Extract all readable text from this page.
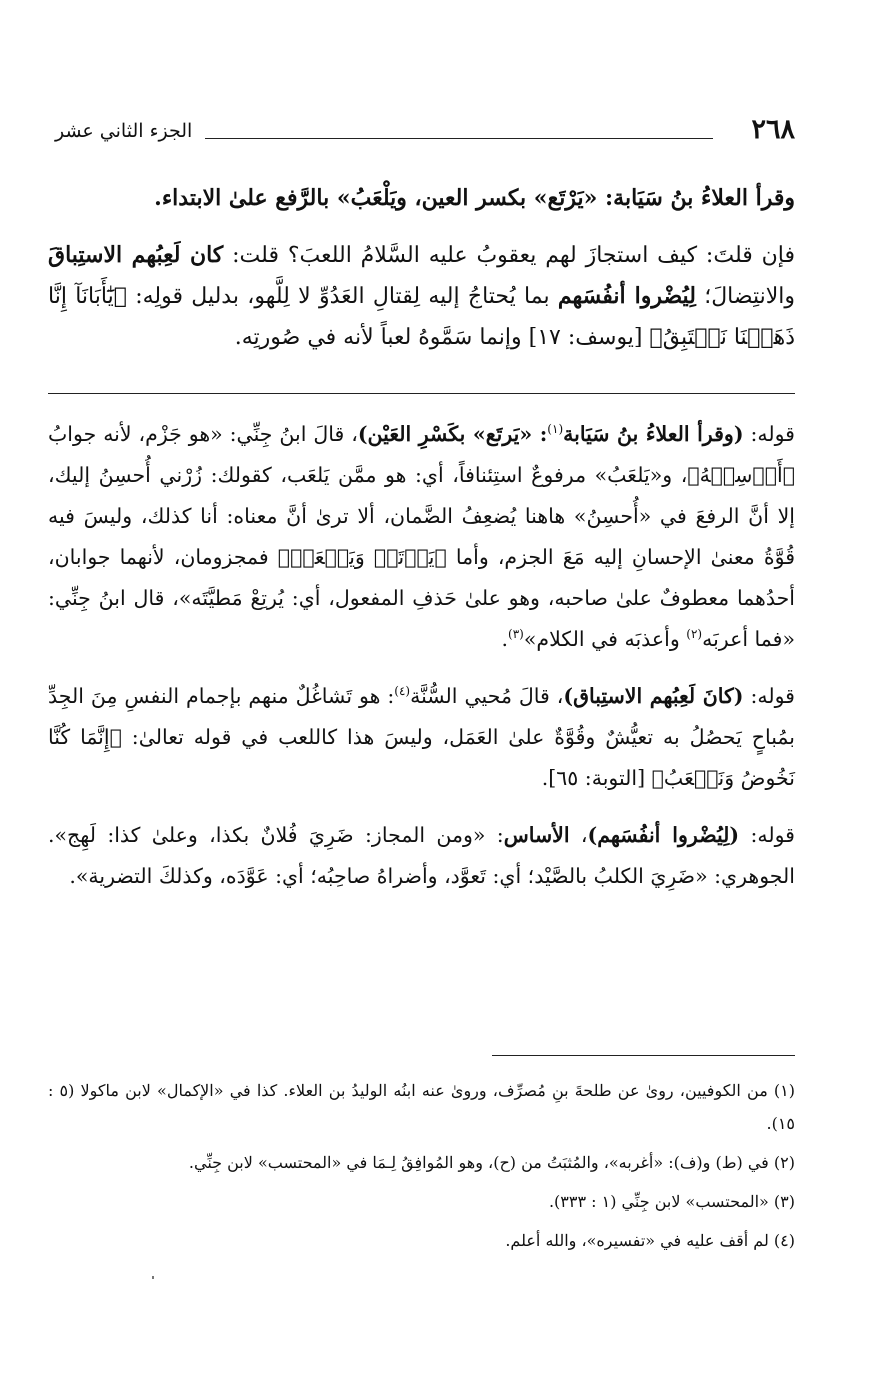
٢٦٨
الجزء الثاني عشر

وقرأ العلاءُ بنُ سَيَابة: «يَرْتَع» بكسر العين، ويَلْعَبُ» بالرَّفع علىٰ الابتداء.

فإن قلتَ: كيف استجازَ لهم يعقوبُ عليه السَّلامُ اللعبَ؟ قلت: كان لَعِبُهم الاستِباقَ والانتِضالَ؛ لِيُضْروا أنفُسَهم بما يُحتاجُ إليه لِقتالِ العَدُوِّ لا لِلَّهو، بدليل قولِه: ﴿يَٰٓأَبَانَآ إِنَّا ذَهَبۡنَا نَسۡتَبِقُ﴾ [يوسف: ١٧] وإنما سَمَّوهُ لعباً لأنه في صُورتِه.

قوله: (وقرأ العلاءُ بنُ سَيَابة$^{(١)}$: «يَرتَع» بكَسْرِ العَيْن)، قالَ ابنُ جِنِّي: «هو جَزْم، لأنه جوابُ ﴿أَرۡسِلۡهُ﴾، و«يَلعَبُ» مرفوعٌ استِئنافاً، أي: هو ممَّن يَلعَب، كقولك: زُرْني أُحسِنُ إليك، إلا أنَّ الرفعَ في «أُحسِنُ» هاهنا يُضعِفُ الضَّمان، ألا ترىٰ أنَّ معناه: أنا كذلك، وليسَ فيه قُوَّةُ معنىٰ الإحسانِ إليه مَعَ الجزم، وأما ﴿يَرۡتَعۡ وَيَلۡعَبۡ﴾ فمجزومان، لأنهما جوابان، أحدُهما معطوفٌ علىٰ صاحبه، وهو علىٰ حَذفِ المفعول، أي: يُرتِعْ مَطيَّتَه»، قال ابنُ جِنِّي: «فما أعربَه$^{(٢)}$ وأعذبَه في الكلام»$^{(٣)}$.

قوله: (كانَ لَعِبُهم الاستِباق)، قالَ مُحيي السُّنَّة$^{(٤)}$: هو تَشاغُلٌ منهم بإجمام النفسِ مِنَ الجِدِّ بمُباحٍ يَحصُلُ به تعيُّشٌ وقُوَّةٌ علىٰ العَمَل، وليسَ هذا كاللعب في قوله تعالىٰ: ﴿إِنَّمَا كُنَّا نَخُوضُ وَنَلۡعَبُ﴾ [التوبة: ٦٥].

قوله: (لِيُضْروا أنفُسَهم)، الأساس: «ومن المجاز: ضَرِيَ فُلانٌ بكذا، وعلىٰ كذا: لَهِج». الجوهري: «ضَرِيَ الكلبُ بالصَّيْد؛ أي: تَعوَّد، وأضراهُ صاحِبُه؛ أي: عَوَّدَه، وكذلكَ التضرية».

(١) من الكوفيين، روىٰ عن طلحةَ بنِ مُصرِّف، ورویٰ عنه ابنُه الوليدُ بن العلاء. كذا في «الإكمال» لابن ماكولا (٥ : ١٥).

(٢) في (ط) و(ف): «أغربه»، والمُثبَتُ من (ح)، وهو المُوافِقُ لِـمَا في «المحتسب» لابن جِنِّي.

(٣) «المحتسب» لابن جِنِّي (١ : ٣٣٣).

(٤) لم أقف عليه في «تفسيره»، والله أعلم.
